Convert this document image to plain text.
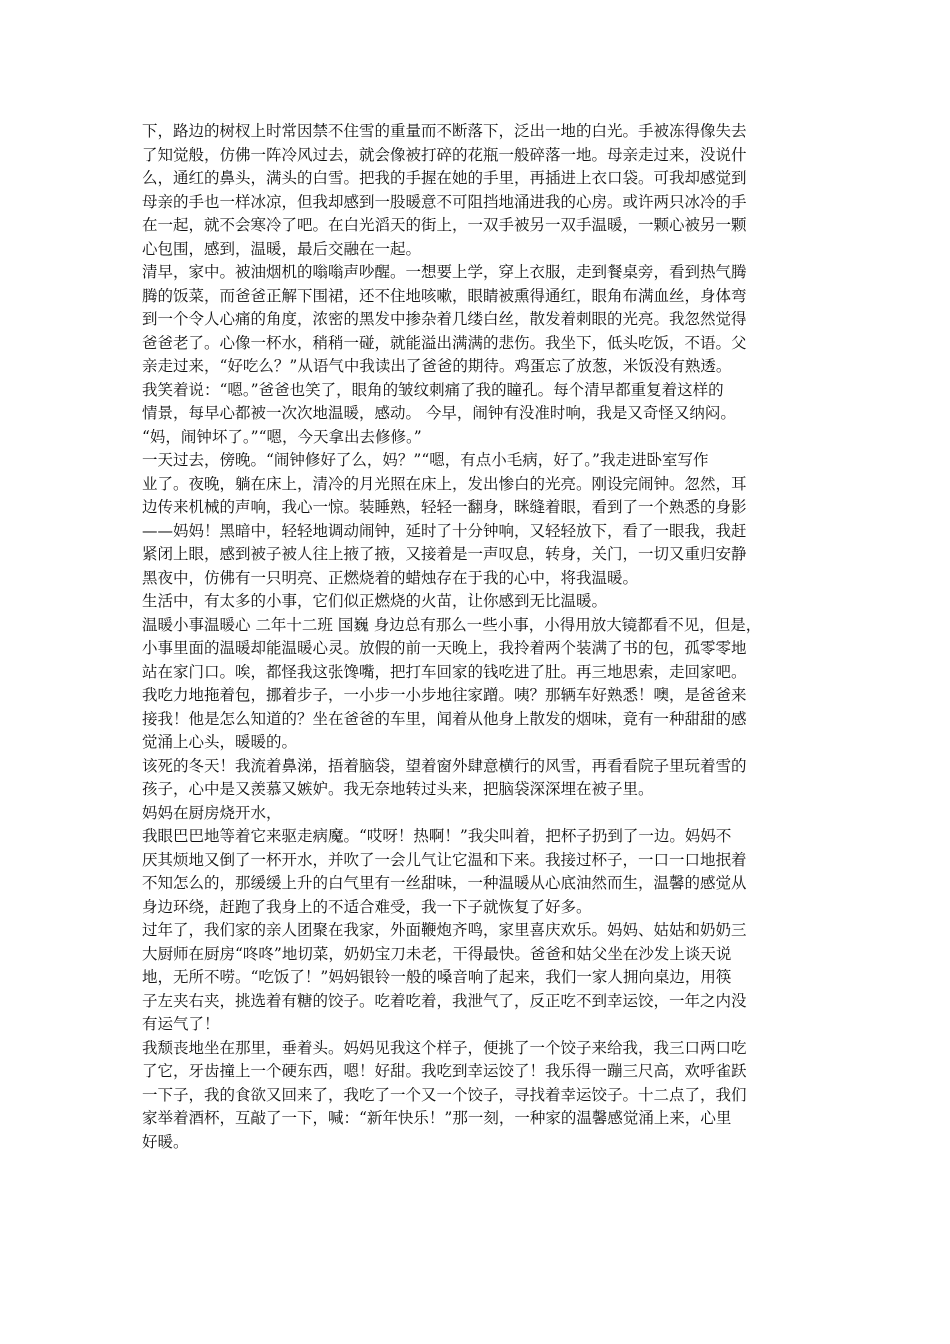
下，路边的树杈上时常因禁不住雪的重量而不断落下，泛出一地的白光。手被冻得像失去
了知觉般，仿佛一阵冷风过去，就会像被打碎的花瓶一般碎落一地。母亲走过来，没说什
么，通红的鼻头，满头的白雪。把我的手握在她的手里，再插进上衣口袋。可我却感觉到
母亲的手也一样冰凉，但我却感到一股暖意不可阻挡地涌进我的心房。或许两只冰冷的手
在一起，就不会寒冷了吧。在白光滔天的街上，一双手被另一双手温暖，一颗心被另一颗
心包围，感到，温暖，最后交融在一起。
清早，家中。被油烟机的嗡嗡声吵醒。一想要上学，穿上衣服，走到餐桌旁，看到热气腾
腾的饭菜，而爸爸正解下围裙，还不住地咳嗽，眼睛被熏得通红，眼角布满血丝，身体弯
到一个令人心痛的角度，浓密的黑发中掺杂着几缕白丝，散发着刺眼的光亮。我忽然觉得
爸爸老了。心像一杯水，稍稍一碰，就能溢出满满的悲伤。我坐下，低头吃饭，不语。父
亲走过来，“好吃么？”从语气中我读出了爸爸的期待。鸡蛋忘了放葱，米饭没有熟透。
我笑着说：“嗯。”爸爸也笑了，眼角的皱纹刺痛了我的瞳孔。每个清早都重复着这样的
情景，每早心都被一次次地温暖，感动。 今早，闹钟有没准时响，我是又奇怪又纳闷。
“妈，闹钟坏了。”“嗯，今天拿出去修修。”
一天过去，傍晚。“闹钟修好了么，妈？”“嗯，有点小毛病，好了。”我走进卧室写作
业了。夜晚，躺在床上，清冷的月光照在床上，发出惨白的光亮。刚设完闹钟。忽然，耳
边传来机械的声响，我心一惊。装睡熟，轻轻一翻身，眯缝着眼，看到了一个熟悉的身影
——妈妈！黑暗中，轻轻地调动闹钟，延时了十分钟响，又轻轻放下，看了一眼我，我赶
紧闭上眼，感到被子被人往上掖了掖，又接着是一声叹息，转身，关门，一切又重归安静
黑夜中，仿佛有一只明亮、正燃烧着的蜡烛存在于我的心中，将我温暖。
生活中，有太多的小事，它们似正燃烧的火苗，让你感到无比温暖。
温暖小事温暖心 二年十二班 国巍 身边总有那么一些小事，小得用放大镜都看不见，但是，
小事里面的温暖却能温暖心灵。放假的前一天晚上，我拎着两个装满了书的包，孤零零地
站在家门口。唉，都怪我这张馋嘴，把打车回家的钱吃进了肚。再三地思索，走回家吧。
我吃力地拖着包，挪着步子，一小步一小步地往家蹭。咦？那辆车好熟悉！噢，是爸爸来
接我！他是怎么知道的？坐在爸爸的车里，闻着从他身上散发的烟味，竟有一种甜甜的感
觉涌上心头，暖暖的。
该死的冬天！我流着鼻涕，捂着脑袋，望着窗外肆意横行的风雪，再看看院子里玩着雪的
孩子，心中是又羡慕又嫉妒。我无奈地转过头来，把脑袋深深埋在被子里。
妈妈在厨房烧开水，
我眼巴巴地等着它来驱走病魔。“哎呀！热啊！”我尖叫着，把杯子扔到了一边。妈妈不
厌其烦地又倒了一杯开水，并吹了一会儿气让它温和下来。我接过杯子，一口一口地抿着
不知怎么的，那缓缓上升的白气里有一丝甜味，一种温暖从心底油然而生，温馨的感觉从
身边环绕，赶跑了我身上的不适合难受，我一下子就恢复了好多。
过年了，我们家的亲人团聚在我家，外面鞭炮齐鸣，家里喜庆欢乐。妈妈、姑姑和奶奶三
大厨师在厨房“咚咚”地切菜，奶奶宝刀未老，干得最快。爸爸和姑父坐在沙发上谈天说
地，无所不唠。“吃饭了！”妈妈银铃一般的嗓音响了起来，我们一家人拥向桌边，用筷
子左夹右夹，挑选着有糖的饺子。吃着吃着，我泄气了，反正吃不到幸运饺，一年之内没
有运气了！
我颓丧地坐在那里，垂着头。妈妈见我这个样子，便挑了一个饺子来给我，我三口两口吃
了它，牙齿撞上一个硬东西，嗯！好甜。我吃到幸运饺了！我乐得一蹦三尺高，欢呼雀跃
一下子，我的食欲又回来了，我吃了一个又一个饺子，寻找着幸运饺子。十二点了，我们
家举着酒杯，互敲了一下，喊：“新年快乐！”那一刻，一种家的温馨感觉涌上来，心里
好暖。
